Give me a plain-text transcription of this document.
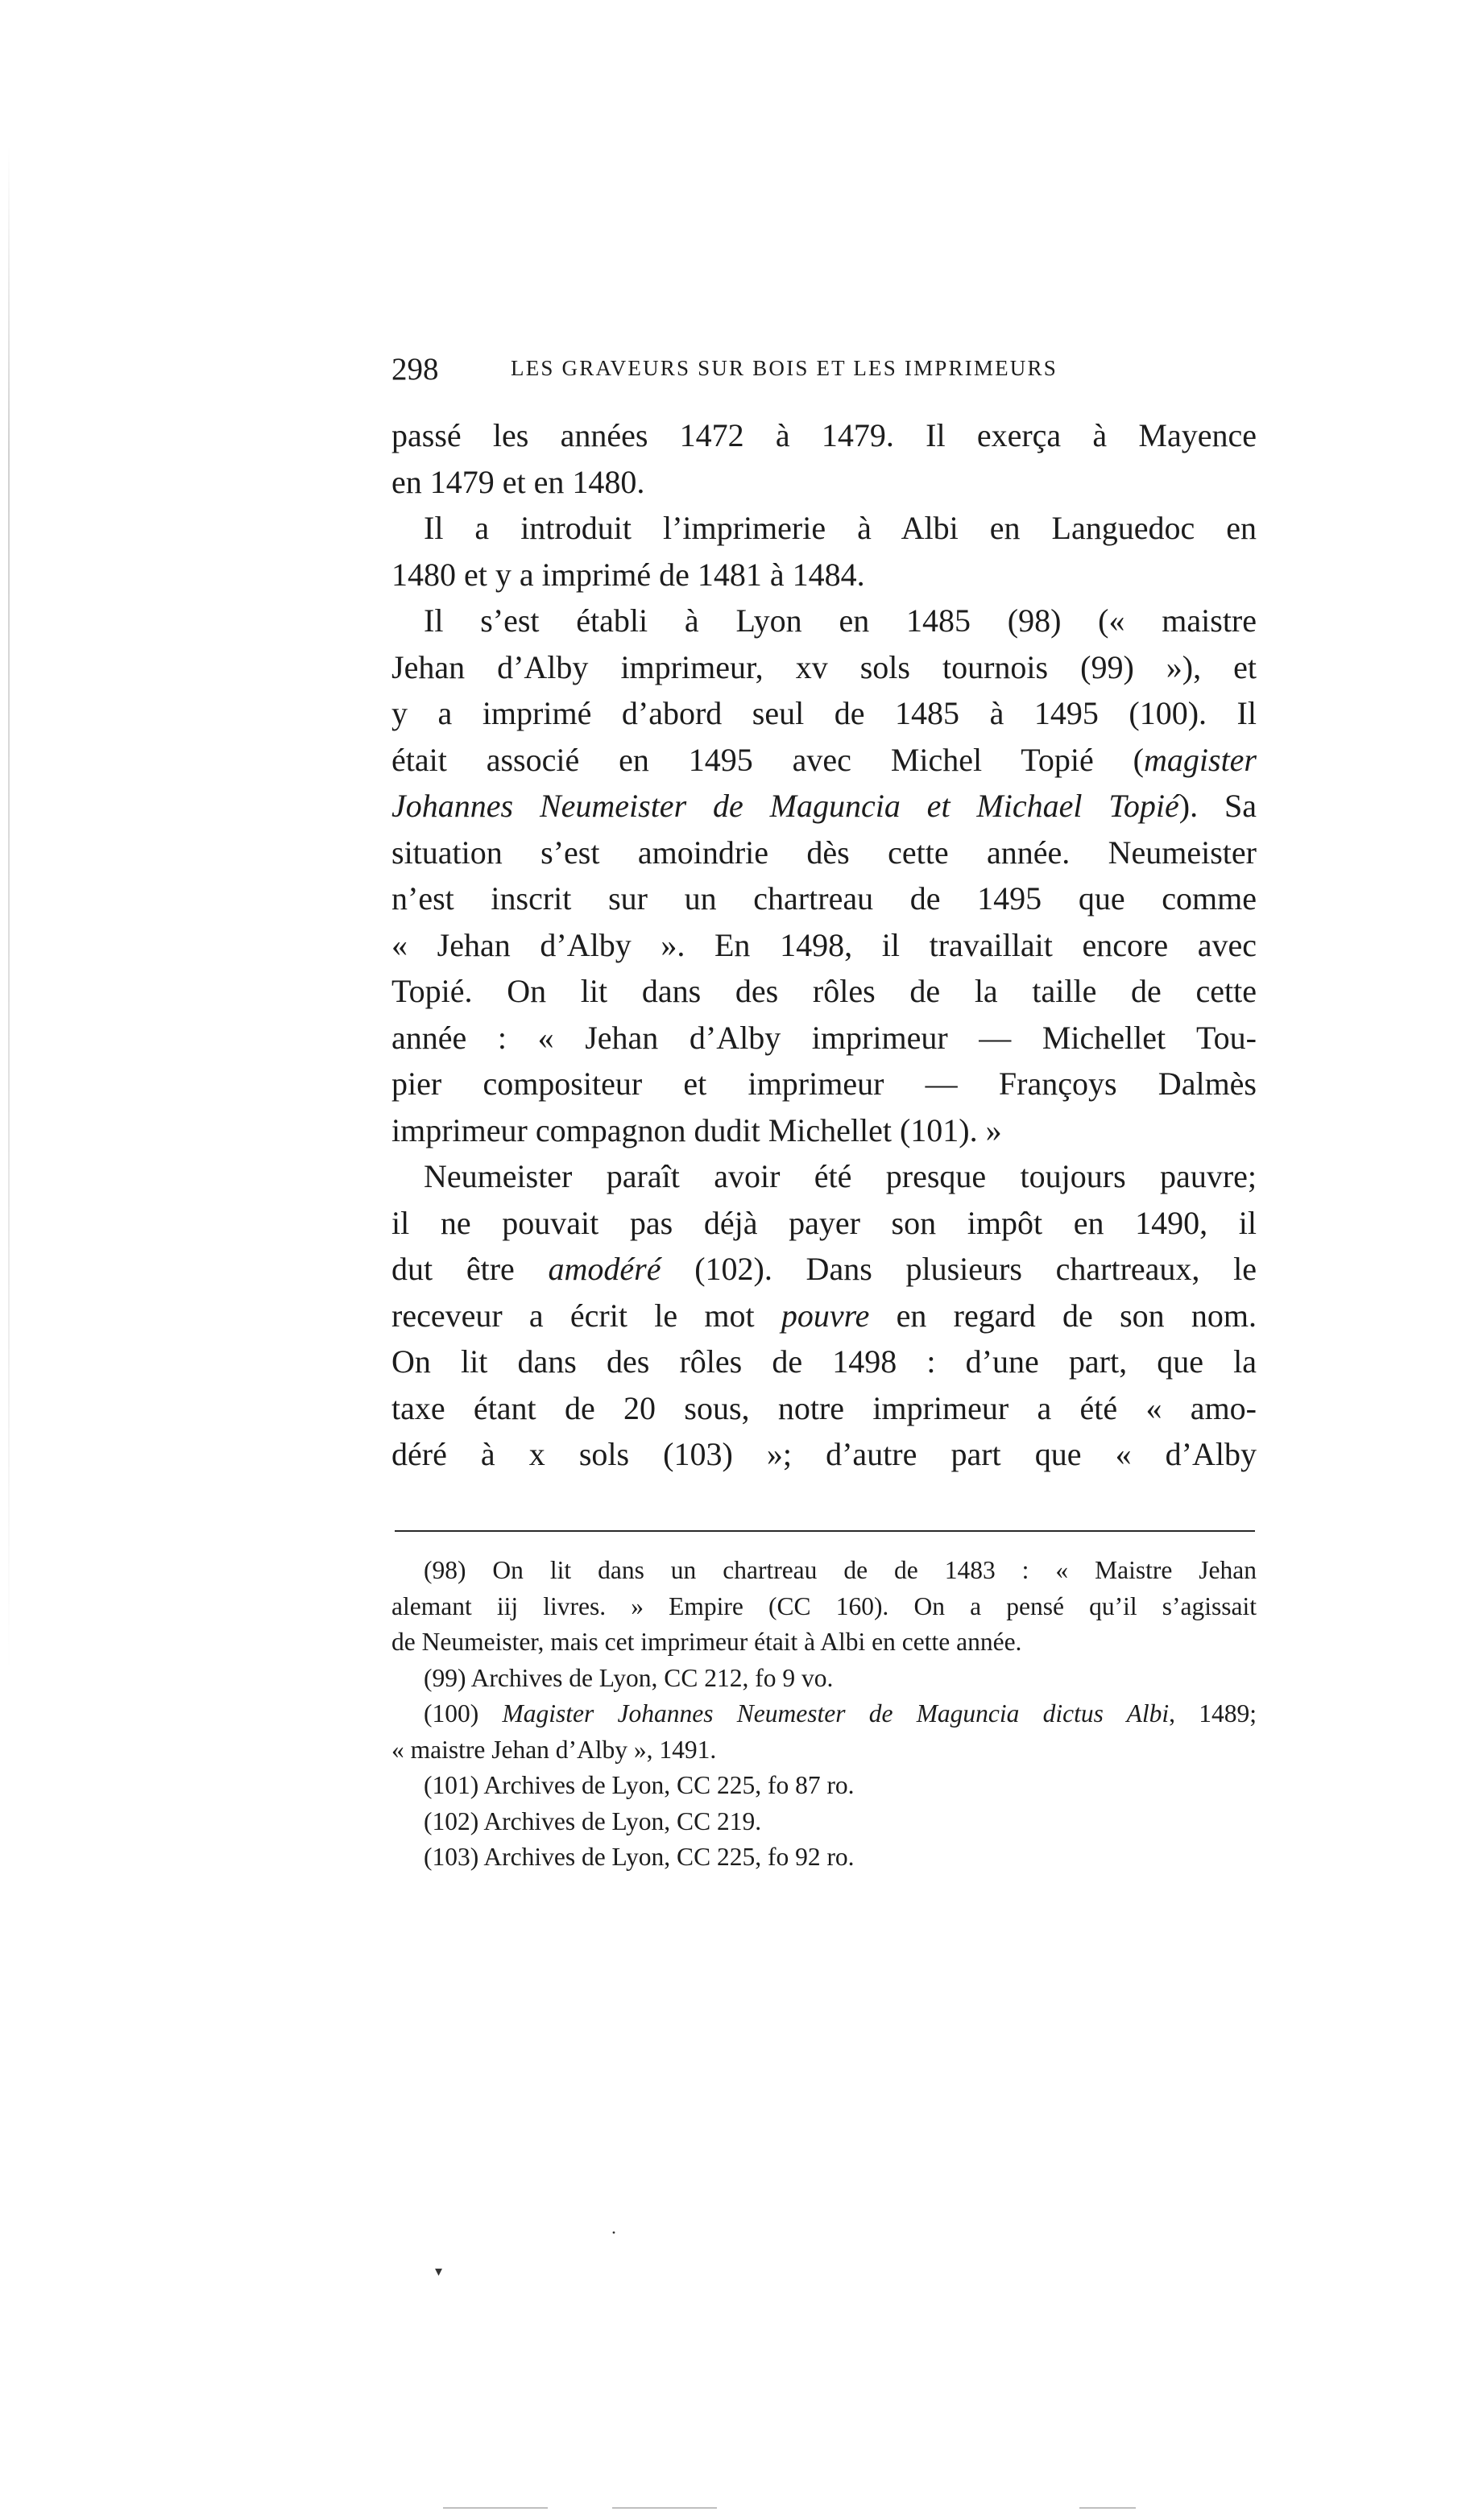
298	LES GRAVEURS SUR BOIS ET LES IMPRIMEURS
passé les années 1472 à 1479. Il exerça à Mayence
en 1479 et en 1480.
Il a introduit l’imprimerie à Albi en Languedoc en
1480 et y a imprimé de 1481 à 1484.
Il s’est établi à Lyon en 1485 (98) (« maistre
Jehan d’Alby imprimeur, xv sols tournois (99) »), et
y a imprimé d’abord seul de 1485 à 1495 (100). Il
était associé en 1495 avec Michel Topié (magister
Johannes Neumeister de Maguncia et Michael Topié). Sa
situation s’est amoindrie dès cette année. Neumeister
n’est inscrit sur un chartreau de 1495 que comme
« Jehan d’Alby ». En 1498, il travaillait encore avec
Topié. On lit dans des rôles de la taille de cette
année : « Jehan d’Alby imprimeur — Michellet Tou-
pier compositeur et imprimeur — Françoys Dalmès
imprimeur compagnon dudit Michellet (101). »
Neumeister paraît avoir été presque toujours pauvre;
il ne pouvait pas déjà payer son impôt en 1490, il
dut être amodéré (102). Dans plusieurs chartreaux, le
receveur a écrit le mot pouvre en regard de son nom.
On lit dans des rôles de 1498 : d’une part, que la
taxe étant de 20 sous, notre imprimeur a été « amo-
déré à x sols (103) »; d’autre part que « d’Alby
(98) On lit dans un chartreau de de 1483 : « Maistre Jehan
alemant iij livres. » Empire (CC 160). On a pensé qu’il s’agissait
de Neumeister, mais cet imprimeur était à Albi en cette année.
(99) Archives de Lyon, CC 212, fo 9 vo.
(100) Magister Johannes Neumester de Maguncia dictus Albi, 1489;
« maistre Jehan d’Alby », 1491.
(101) Archives de Lyon, CC 225, fo 87 ro.
(102) Archives de Lyon, CC 219.
(103) Archives de Lyon, CC 225, fo 92 ro.
·
▾
